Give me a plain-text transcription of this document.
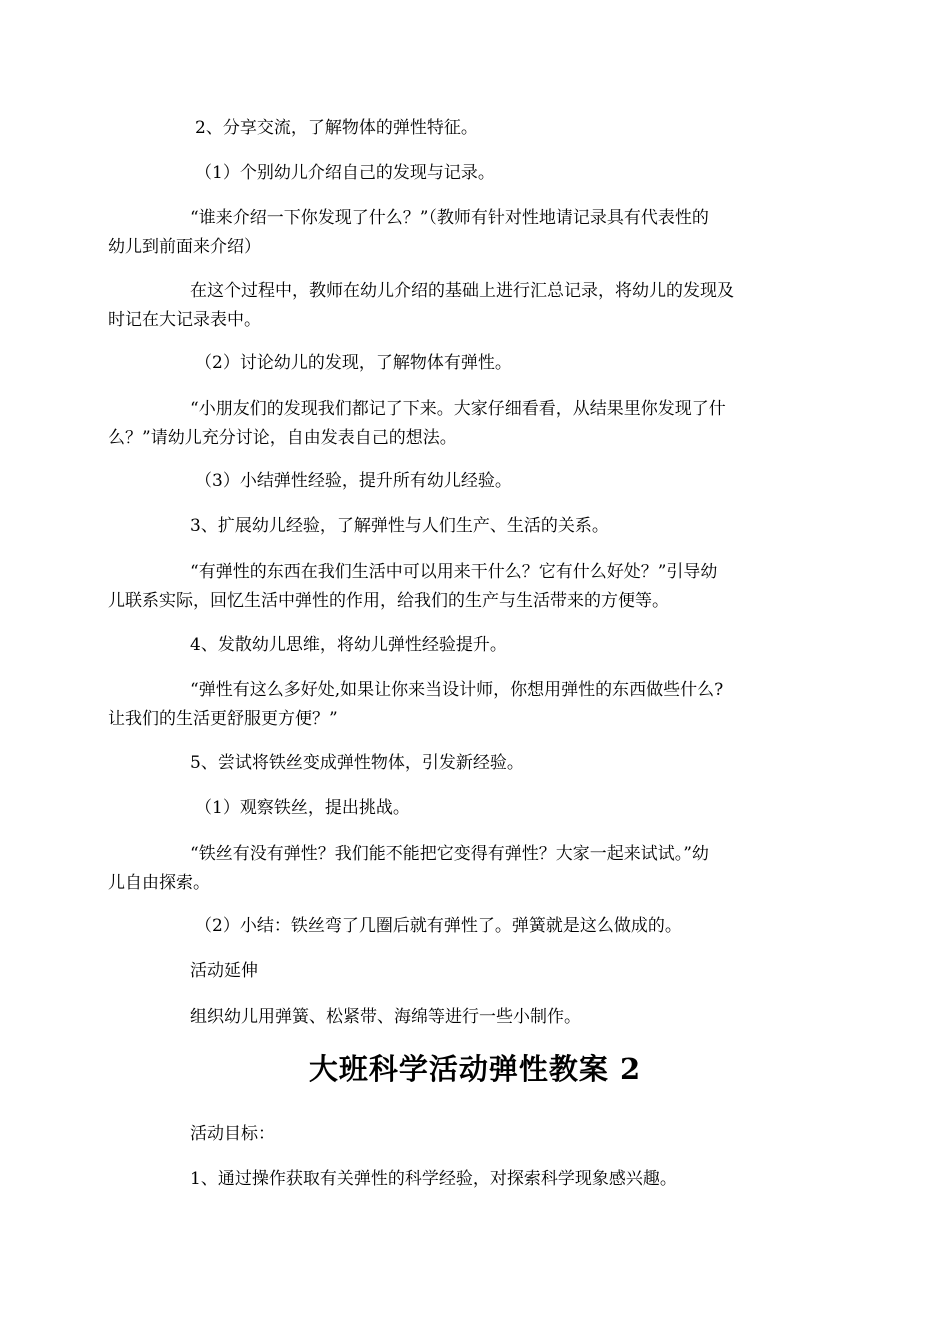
2、分享交流，了解物体的弹性特征。

（1）个别幼儿介绍自己的发现与记录。

“谁来介绍一下你发现了什么？”（教师有针对性地请记录具有代表性的
幼儿到前面来介绍）

在这个过程中，教师在幼儿介绍的基础上进行汇总记录，将幼儿的发现及
时记在大记录表中。

（2）讨论幼儿的发现，了解物体有弹性。

“小朋友们的发现我们都记了下来。大家仔细看看，从结果里你发现了什
么？”请幼儿充分讨论，自由发表自己的想法。

（3）小结弹性经验，提升所有幼儿经验。

3、扩展幼儿经验，了解弹性与人们生产、生活的关系。

“有弹性的东西在我们生活中可以用来干什么？它有什么好处？”引导幼
儿联系实际，回忆生活中弹性的作用，给我们的生产与生活带来的方便等。

4、发散幼儿思维，将幼儿弹性经验提升。

“弹性有这么多好处,如果让你来当设计师，你想用弹性的东西做些什么?
让我们的生活更舒服更方便？”

5、尝试将铁丝变成弹性物体，引发新经验。

（1）观察铁丝，提出挑战。

“铁丝有没有弹性？我们能不能把它变得有弹性？大家一起来试试。”幼
儿自由探索。

（2）小结：铁丝弯了几圈后就有弹性了。弹簧就是这么做成的。

活动延伸

组织幼儿用弹簧、松紧带、海绵等进行一些小制作。

大班科学活动弹性教案 2

活动目标：

1、通过操作获取有关弹性的科学经验，对探索科学现象感兴趣。
